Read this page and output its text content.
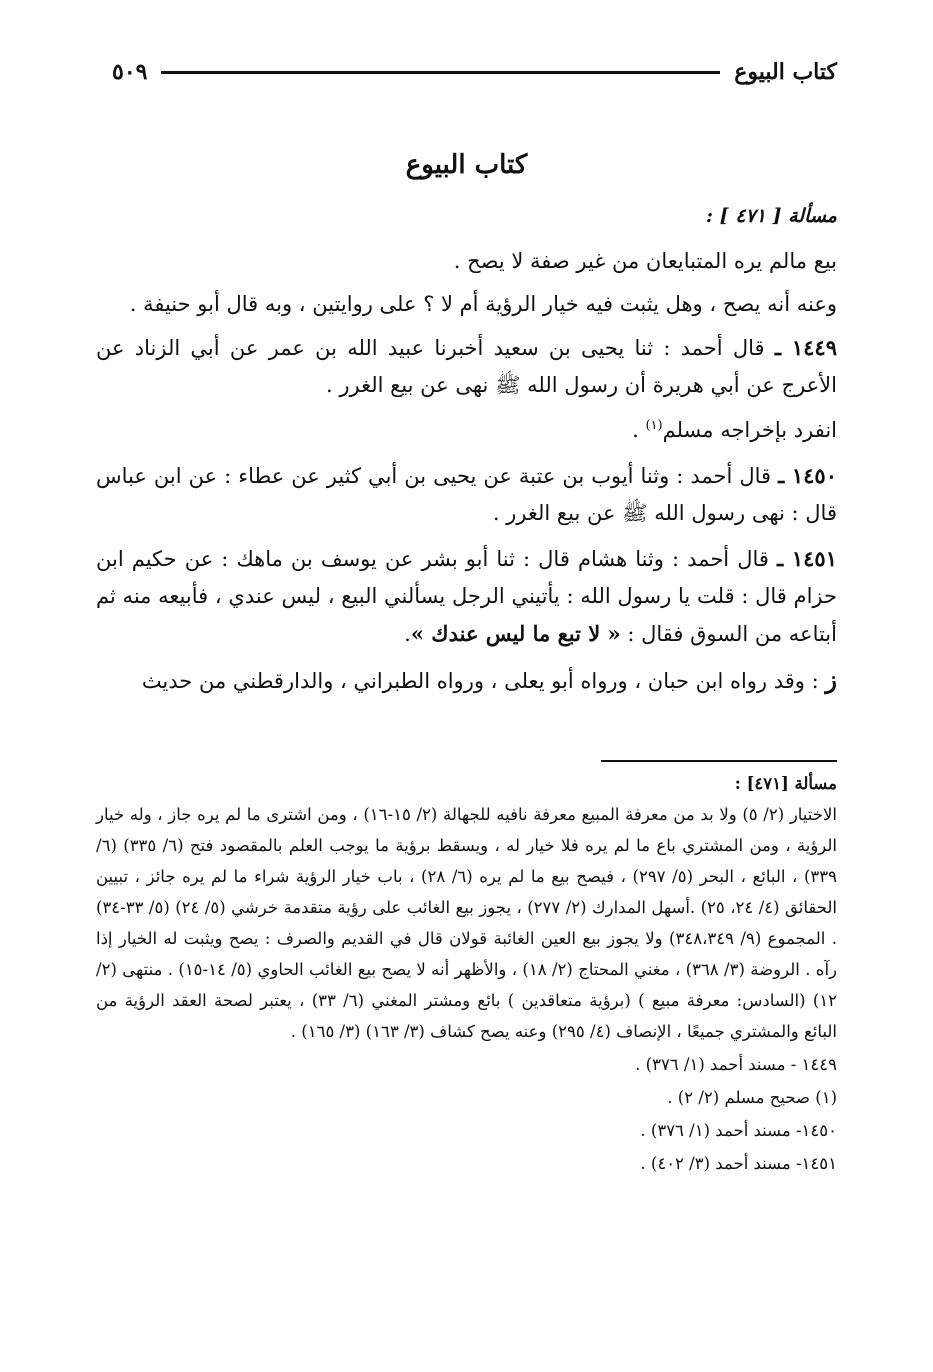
كتاب البيوع
٥٠٩
كتاب البيوع

مسألة [ ٤٧١ ] :

بيع مالم يره المتبايعان من غير صفة لا يصح .

وعنه أنه يصح ، وهل يثبت فيه خيار الرؤية أم لا ؟ على روايتين ، وبه قال أبو حنيفة .

١٤٤٩ ـ قال أحمد : ثنا يحيى بن سعيد أخبرنا عبيد الله بن عمر عن أبي الزناد عن الأعرج عن أبي هريرة أن رسول الله ﷺ نهى عن بيع الغرر .

انفرد بإخراجه مسلم$^{(١)}$ .

١٤٥٠ ـ قال أحمد : وثنا أيوب بن عتبة عن يحيى بن أبي كثير عن عطاء : عن ابن عباس قال : نهى رسول الله ﷺ عن بيع الغرر .

١٤٥١ ـ قال أحمد : وثنا هشام قال : ثنا أبو بشر عن يوسف بن ماهك : عن حكيم ابن حزام قال : قلت يا رسول الله : يأتيني الرجل يسألني البيع ، ليس عندي ، فأبيعه منه ثم أبتاعه من السوق فقال : « لا تبع ما ليس عندك ».

ز : وقد رواه ابن حبان ، ورواه أبو يعلى ، ورواه الطبراني ، والدارقطني من حديث

مسألة [٤٧١] :

الاختيار (٢/ ٥) ولا بد من معرفة المبيع معرفة نافيه للجهالة (٢/ ١٥-١٦) ، ومن اشترى ما لم يره جاز ، وله خيار الرؤية ، ومن المشتري باع ما لم يره فلا خيار له ، ويسقط برؤية ما يوجب العلم بالمقصود فتح (٦/ ٣٣٥) (٦/ ٣٣٩) ، البائع ، البحر (٥/ ٢٩٧) ، فيصح بيع ما لم يره (٦/ ٢٨) ، باب خيار الرؤية شراء ما لم يره جائز ، تبيين الحقائق (٤/ ٢٤، ٢٥) .أسهل المدارك (٢/ ٢٧٧) ، يجوز بيع الغائب على رؤية متقدمة خرشي (٥/ ٢٤) (٥/ ٣٣-٣٤) . المجموع (٩/ ٣٤٨،٣٤٩) ولا يجوز بيع العين الغائبة قولان قال في القديم والصرف : يصح ويثبت له الخيار إذا رآه . الروضة (٣/ ٣٦٨) ، مغني المحتاج (٢/ ١٨) ، والأظهر أنه لا يصح بيع الغائب الحاوي (٥/ ١٤-١٥) . منتهى (٢/ ١٢) (السادس: معرفة مبيع ) (برؤية متعاقدين ) بائع ومشتر المغني (٦/ ٣٣) ، يعتبر لصحة العقد الرؤية من البائع والمشتري جميعًا ، الإنصاف (٤/ ٢٩٥) وعنه يصح كشاف (٣/ ١٦٣) (٣/ ١٦٥) .

١٤٤٩ - مسند أحمد (١/ ٣٧٦) .

(١) صحيح مسلم (٢/ ٢) .

١٤٥٠- مسند أحمد (١/ ٣٧٦) .

١٤٥١- مسند أحمد (٣/ ٤٠٢) .
